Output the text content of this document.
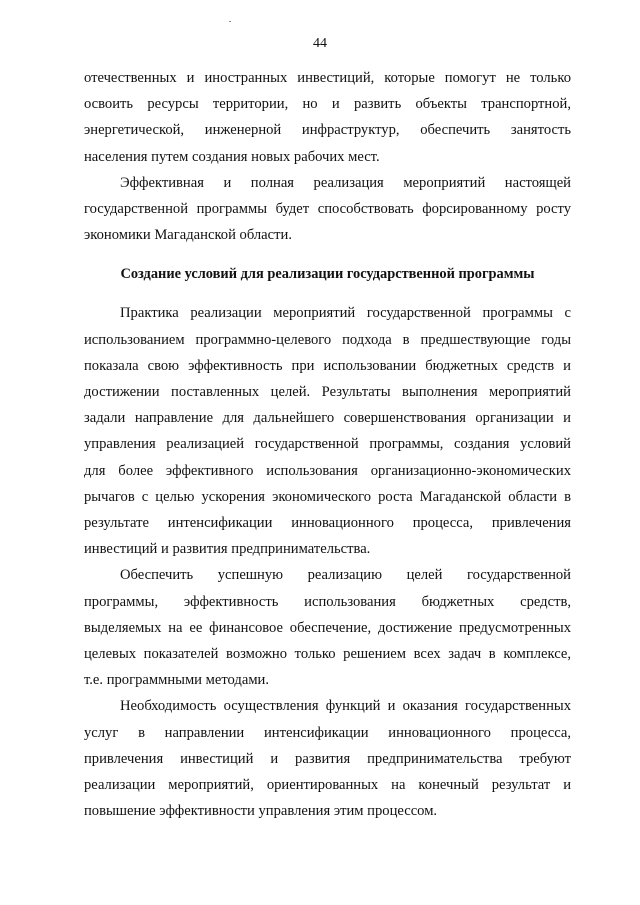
44

отечественных и иностранных инвестиций, которые помогут не только
освоить ресурсы территории, но и развить объекты транспортной,
энергетической, инженерной инфраструктур, обеспечить занятость
населения путем создания новых рабочих мест.

Эффективная и полная реализация мероприятий настоящей
государственной программы будет способствовать форсированному росту
экономики Магаданской области.

Создание условий для реализации государственной программы

Практика реализации мероприятий государственной программы с
использованием программно-целевого подхода в предшествующие годы
показала свою эффективность при использовании бюджетных средств и
достижении поставленных целей. Результаты выполнения мероприятий
задали направление для дальнейшего совершенствования организации и
управления реализацией государственной программы, создания условий
для более эффективного использования организационно-экономических
рычагов с целью ускорения экономического роста Магаданской области в
результате интенсификации инновационного процесса, привлечения
инвестиций и развития предпринимательства.

Обеспечить успешную реализацию целей государственной
программы, эффективность использования бюджетных средств,
выделяемых на ее финансовое обеспечение, достижение предусмотренных
целевых показателей возможно только решением всех задач в комплексе,
т.е. программными методами.

Необходимость осуществления функций и оказания государственных
услуг в направлении интенсификации инновационного процесса,
привлечения инвестиций и развития предпринимательства требуют
реализации мероприятий, ориентированных на конечный результат и
повышение эффективности управления этим процессом.
